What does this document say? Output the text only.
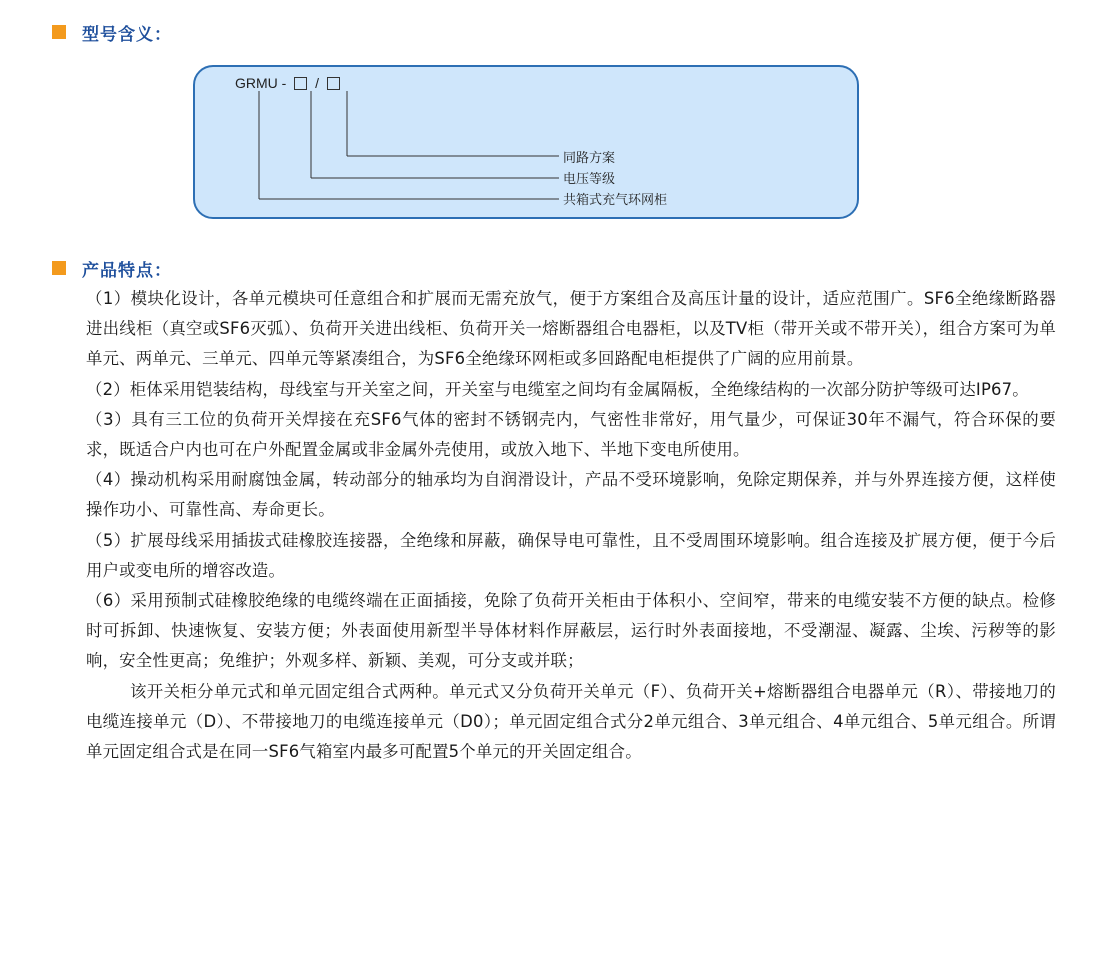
型号含义：
GRMU - /
同路方案
电压等级
共箱式充气环网柜
产品特点：

（1）模块化设计，各单元模块可任意组合和扩展而无需充放气，便于方案组合及高压计量的设计，适应范围广。SF6全绝缘断路器进出线柜（真空或SF6灭弧）、负荷开关进出线柜、负荷开关一熔断器组合电器柜，以及TV柜（带开关或不带开关），组合方案可为单单元、两单元、三单元、四单元等紧凑组合，为SF6全绝缘环网柜或多回路配电柜提供了广阔的应用前景。

（2）柜体采用铠装结构，母线室与开关室之间，开关室与电缆室之间均有金属隔板，全绝缘结构的一次部分防护等级可达IP67。

（3）具有三工位的负荷开关焊接在充SF6气体的密封不锈钢壳内，气密性非常好，用气量少，可保证30年不漏气，符合环保的要求，既适合户内也可在户外配置金属或非金属外壳使用，或放入地下、半地下变电所使用。

（4）操动机构采用耐腐蚀金属，转动部分的轴承均为自润滑设计，产品不受环境影响，免除定期保养，并与外界连接方便，这样使操作功小、可靠性高、寿命更长。

（5）扩展母线采用插拔式硅橡胶连接器，全绝缘和屏蔽，确保导电可靠性，且不受周围环境影响。组合连接及扩展方便，便于今后用户或变电所的增容改造。

（6）采用预制式硅橡胶绝缘的电缆终端在正面插接，免除了负荷开关柜由于体积小、空间窄，带来的电缆安装不方便的缺点。检修时可拆卸、快速恢复、安装方便；外表面使用新型半导体材料作屏蔽层，运行时外表面接地，不受潮湿、凝露、尘埃、污秽等的影响，安全性更高；免维护；外观多样、新颖、美观，可分支或并联；

该开关柜分单元式和单元固定组合式两种。单元式又分负荷开关单元（F）、负荷开关+熔断器组合电器单元（R）、带接地刀的电缆连接单元（D）、不带接地刀的电缆连接单元（D0）；单元固定组合式分2单元组合、3单元组合、4单元组合、5单元组合。所谓单元固定组合式是在同一SF6气箱室内最多可配置5个单元的开关固定组合。
